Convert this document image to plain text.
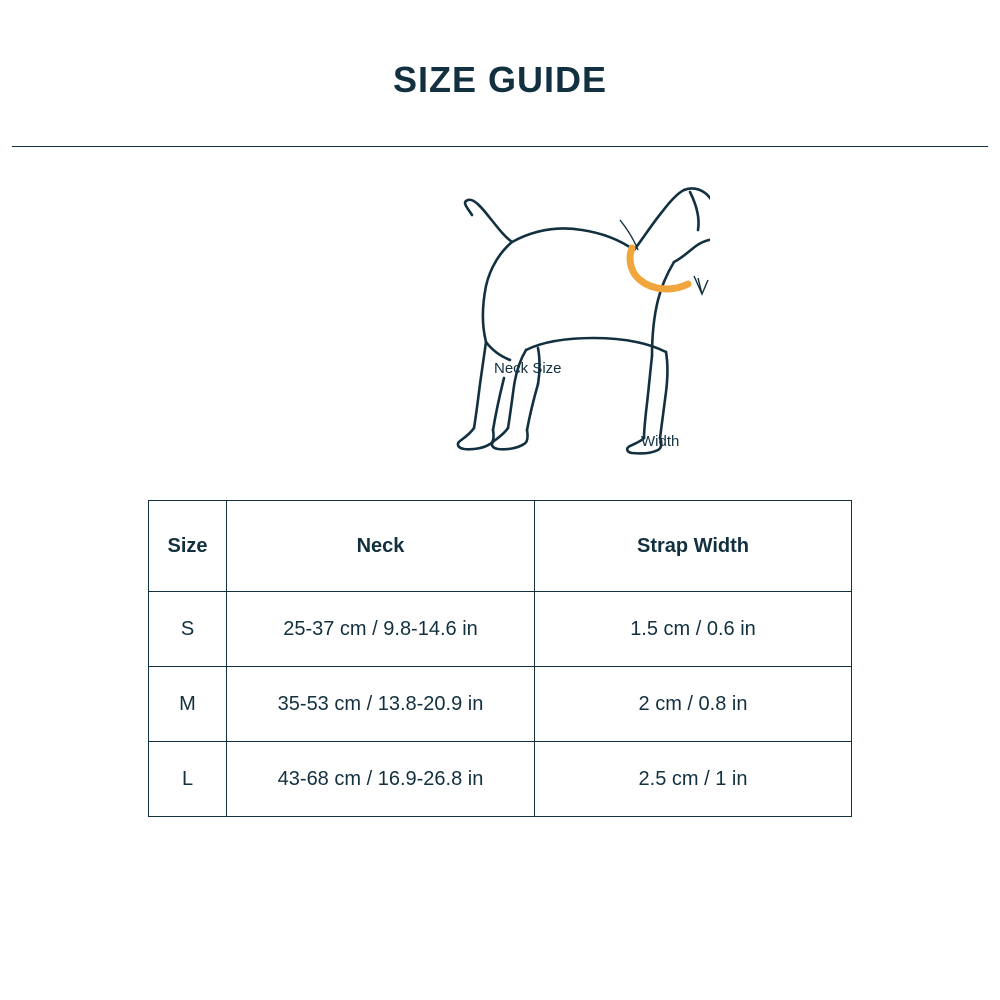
SIZE GUIDE
Neck Size
Width
Size	Neck	Strap Width
S	25-37 cm / 9.8-14.6 in	1.5 cm / 0.6 in
M	35-53 cm / 13.8-20.9 in	2 cm / 0.8 in
L	43-68 cm / 16.9-26.8 in	2.5 cm / 1 in
